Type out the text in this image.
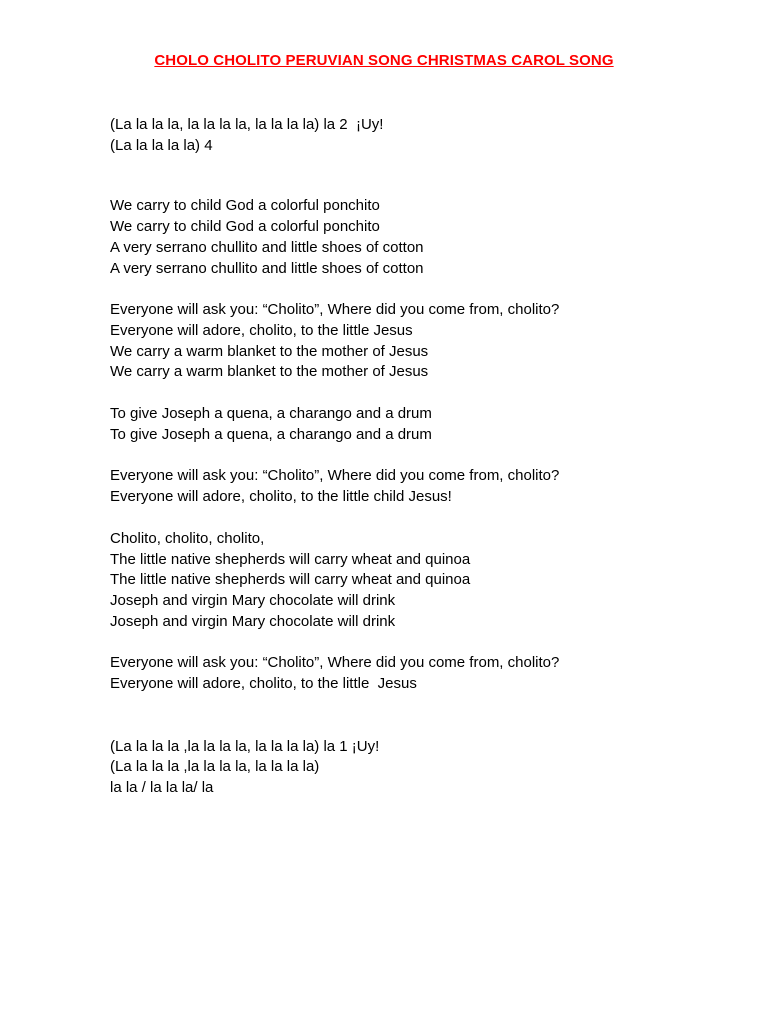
CHOLO CHOLITO PERUVIAN SONG CHRISTMAS CAROL SONG
(La la la la, la la la la, la la la la) la 2  ¡Uy!
(La la la la la) 4
We carry to child God a colorful ponchito
We carry to child God a colorful ponchito
A very serrano chullito and little shoes of cotton
A very serrano chullito and little shoes of cotton
Everyone will ask you: “Cholito”, Where did you come from, cholito?
Everyone will adore, cholito, to the little Jesus
We carry a warm blanket to the mother of Jesus
We carry a warm blanket to the mother of Jesus
To give Joseph a quena, a charango and a drum
To give Joseph a quena, a charango and a drum
Everyone will ask you: “Cholito”, Where did you come from, cholito?
Everyone will adore, cholito, to the little child Jesus!
Cholito, cholito, cholito,
The little native shepherds will carry wheat and quinoa
The little native shepherds will carry wheat and quinoa
Joseph and virgin Mary chocolate will drink
Joseph and virgin Mary chocolate will drink
Everyone will ask you: “Cholito”, Where did you come from, cholito?
Everyone will adore, cholito, to the little  Jesus
(La la la la ,la la la la, la la la la) la 1 ¡Uy!
(La la la la ,la la la la, la la la la)
la la / la la la/ la
